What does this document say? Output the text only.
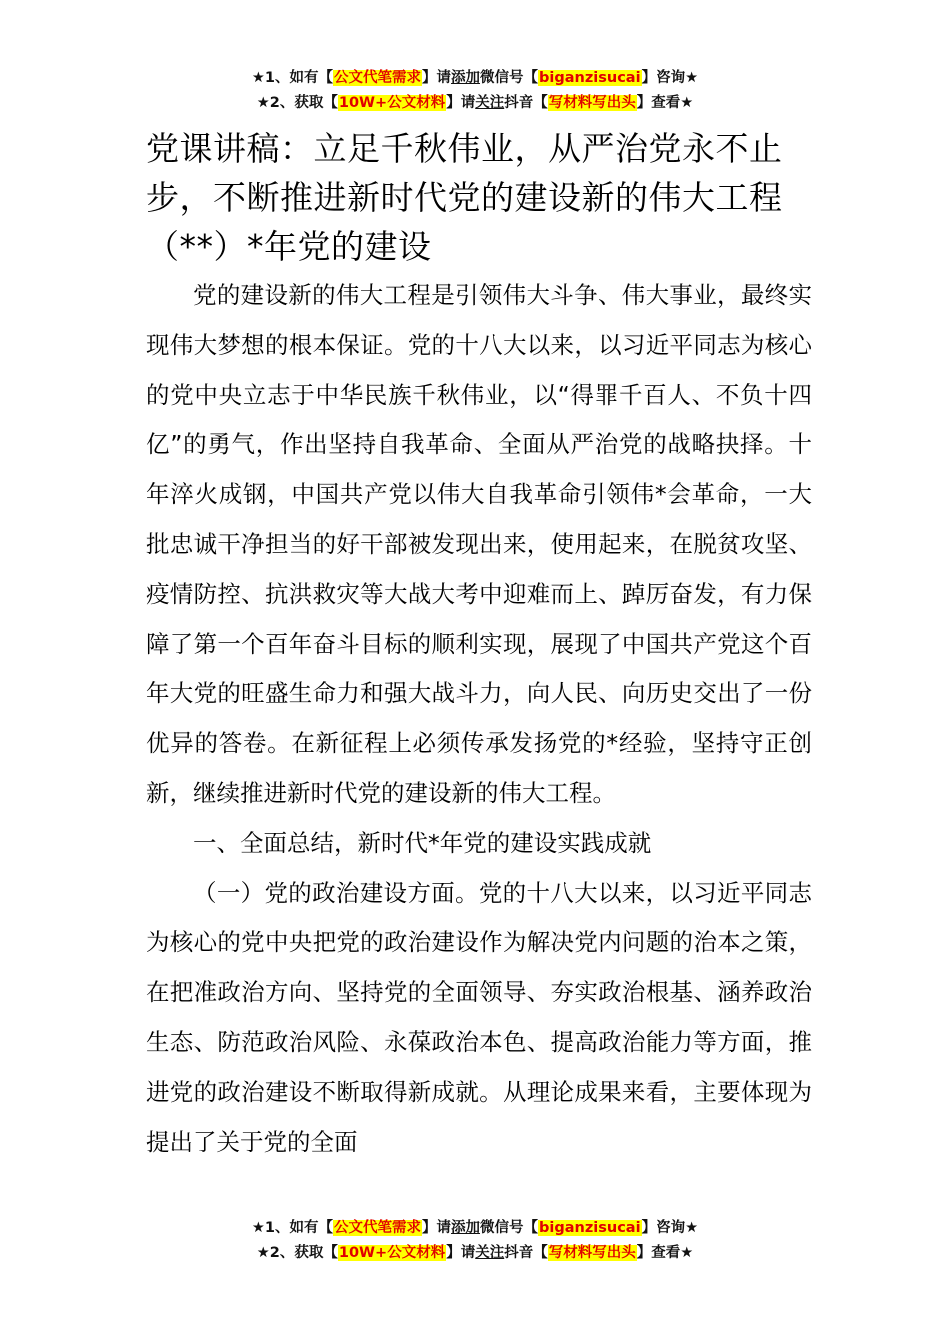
★1、如有【公文代笔需求】请添加微信号【biganzisucai】咨询★
★2、获取【10W+公文材料】请关注抖音【写材料写出头】查看★
党课讲稿：立足千秋伟业，从严治党永不止步，不断推进新时代党的建设新的伟大工程（**）*年党的建设

党的建设新的伟大工程是引领伟大斗争、伟大事业，最终实现伟大梦想的根本保证。党的十八大以来，以习近平同志为核心的党中央立志于中华民族千秋伟业，以“得罪千百人、不负十四亿”的勇气，作出坚持自我革命、全面从严治党的战略抉择。十年淬火成钢，中国共产党以伟大自我革命引领伟*会革命，一大批忠诚干净担当的好干部被发现出来，使用起来，在脱贫攻坚、疫情防控、抗洪救灾等大战大考中迎难而上、踔厉奋发，有力保障了第一个百年奋斗目标的顺利实现，展现了中国共产党这个百年大党的旺盛生命力和强大战斗力，向人民、向历史交出了一份优异的答卷。在新征程上必须传承发扬党的*经验，坚持守正创新，继续推进新时代党的建设新的伟大工程。

一、全面总结，新时代*年党的建设实践成就

（一）党的政治建设方面。党的十八大以来，以习近平同志为核心的党中央把党的政治建设作为解决党内问题的治本之策，在把准政治方向、坚持党的全面领导、夯实政治根基、涵养政治生态、防范政治风险、永葆政治本色、提高政治能力等方面，推进党的政治建设不断取得新成就。从理论成果来看，主要体现为提出了关于党的全面

★1、如有【公文代笔需求】请添加微信号【biganzisucai】咨询★
★2、获取【10W+公文材料】请关注抖音【写材料写出头】查看★
